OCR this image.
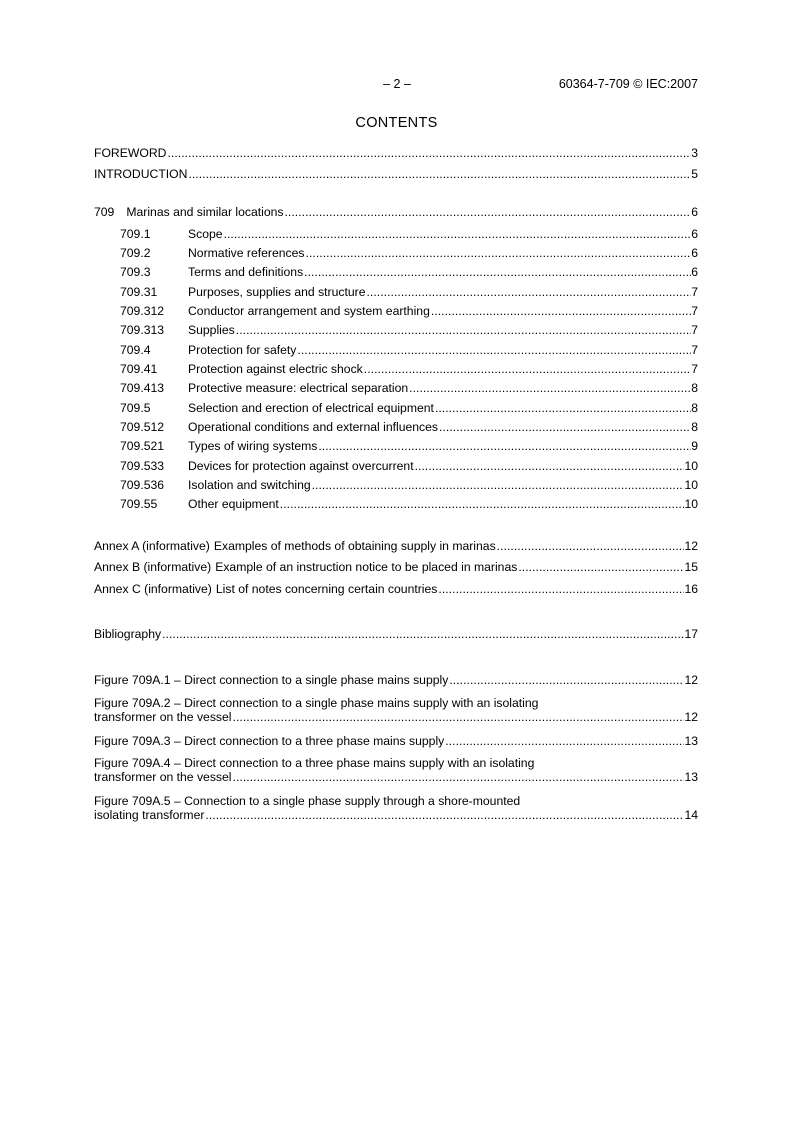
– 2 –	60364-7-709 © IEC:2007
CONTENTS
FOREWORD .....	3
INTRODUCTION .....	5
709 Marinas and similar locations .....	6
709.1	Scope .....	6
709.2	Normative references .....	6
709.3	Terms and definitions .....	6
709.31	Purposes, supplies and structure .....	7
709.312	Conductor arrangement and system earthing .....	7
709.313	Supplies .....	7
709.4	Protection for safety .....	7
709.41	Protection against electric shock .....	7
709.413	Protective measure: electrical separation .....	8
709.5	Selection and erection of electrical equipment .....	8
709.512	Operational conditions and external influences .....	8
709.521	Types of wiring systems .....	9
709.533	Devices for protection against overcurrent .....	10
709.536	Isolation and switching .....	10
709.55	Other equipment .....	10
Annex A (informative) Examples of methods of obtaining supply in marinas .....	12
Annex B (informative) Example of an instruction notice to be placed in marinas .....	15
Annex C (informative) List of notes concerning certain countries .....	16
Bibliography .....	17
Figure 709A.1 – Direct connection to a single phase mains supply .....	12
Figure 709A.2 – Direct connection to a single phase mains supply with an isolating
transformer on the vessel .....	12
Figure 709A.3 – Direct connection to a three phase mains supply .....	13
Figure 709A.4 – Direct connection to a three phase mains supply with an isolating
transformer on the vessel .....	13
Figure 709A.5 – Connection to a single phase supply through a shore-mounted
isolating transformer .....	14
